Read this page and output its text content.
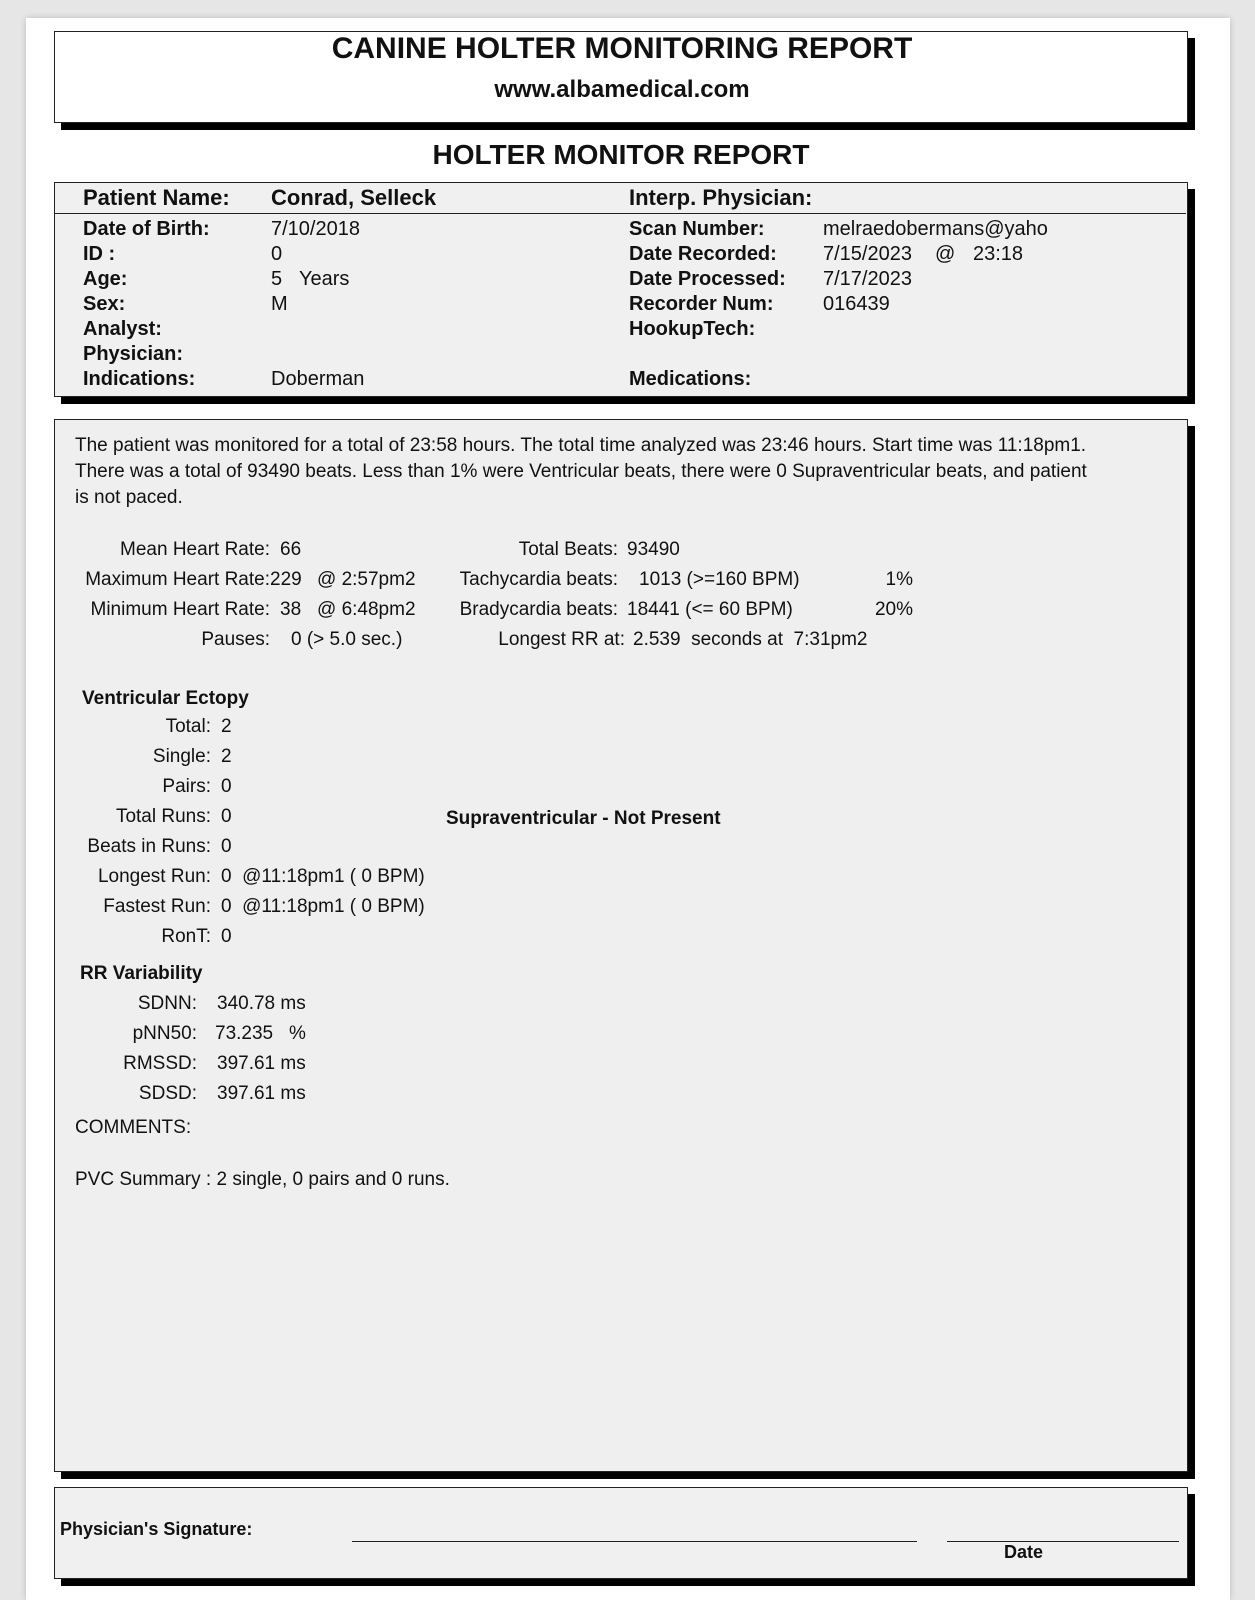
CANINE HOLTER MONITORING REPORT
www.albamedical.com
HOLTER MONITOR REPORT
Patient Name: Conrad, Selleck	Interp. Physician:
Date of Birth:	7/10/2018
ID :	0
Age:	5 Years
Sex:	M
Analyst:
Physician:
Indications:	Doberman
Scan Number:	melraedobermans@yaho
Date Recorded: 7/15/2023 @ 23:18
Date Processed: 7/17/2023
Recorder Num: 016439
HookupTech:
Medications:
The patient was monitored for a total of 23:58 hours. The total time analyzed was 23:46 hours. Start time was 11:18pm1.
There was a total of 93490 beats. Less than 1% were Ventricular beats, there were 0 Supraventricular beats, and patient
is not paced.
Mean Heart Rate: 66
Maximum Heart Rate: 229 @ 2:57pm2
Minimum Heart Rate: 38 @ 6:48pm2
Pauses: 0 (> 5.0 sec.)
Total Beats: 93490
Tachycardia beats: 1013 (>=160 BPM)	1%
Bradycardia beats: 18441 (<= 60 BPM)	20%
Longest RR at: 2.539  seconds at  7:31pm2
Ventricular Ectopy
Total: 2
Single: 2
Pairs: 0
Total Runs: 0
Beats in Runs: 0
Longest Run: 0  @11:18pm1 ( 0 BPM)
Fastest Run: 0  @11:18pm1 ( 0 BPM)
RonT: 0
Supraventricular - Not Present
RR Variability
SDNN: 340.78 ms
pNN50: 73.235   %
RMSSD: 397.61 ms
SDSD: 397.61 ms
COMMENTS:
PVC Summary : 2 single, 0 pairs and 0 runs.
Physician's Signature:
Date
